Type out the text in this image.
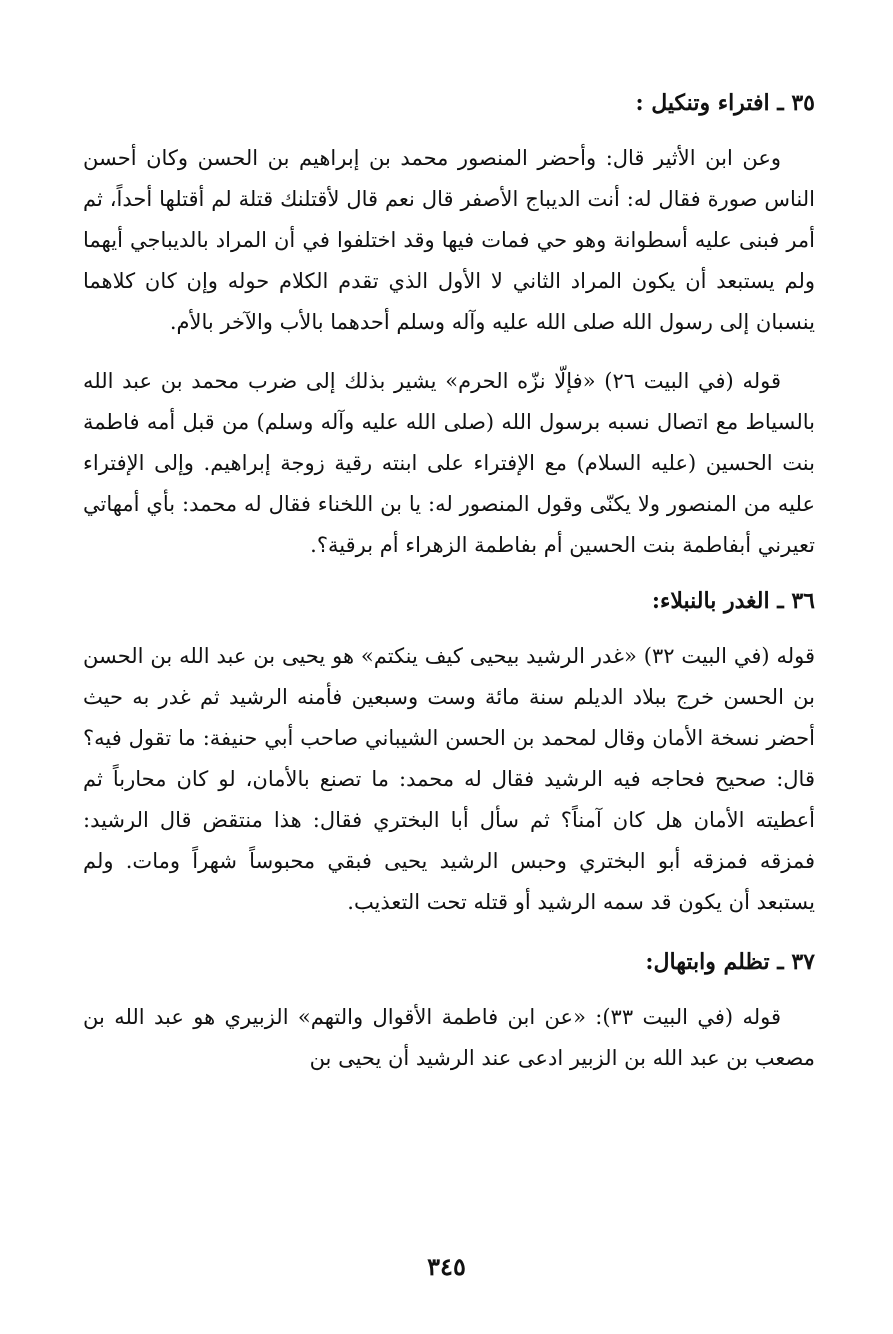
٣٥ ـ افتراء وتنكيل :

وعن ابن الأثير قال: وأحضر المنصور محمد بن إبراهيم بن الحسن وكان أحسن الناس صورة فقال له: أنت الديباج الأصفر قال نعم قال لأقتلنك قتلة لم أقتلها أحداً، ثم أمر فبنى عليه أسطوانة وهو حي فمات فيها وقد اختلفوا في أن المراد بالديباجي أيهما ولم يستبعد أن يكون المراد الثاني لا الأول الذي تقدم الكلام حوله وإن كان كلاهما ينسبان إلى رسول الله صلى الله عليه وآله وسلم أحدهما بالأب والآخر بالأم.

قوله (في البيت ٢٦) «فإلّا نزّه الحرم» يشير بذلك إلى ضرب محمد بن عبد الله بالسياط مع اتصال نسبه برسول الله (صلى الله عليه وآله وسلم) من قبل أمه فاطمة بنت الحسين (عليه السلام) مع الإفتراء على ابنته رقية زوجة إبراهيم. وإلى الإفتراء عليه من المنصور ولا يكنّى وقول المنصور له: يا بن اللخناء فقال له محمد: بأي أمهاتي تعيرني أبفاطمة بنت الحسين أم بفاطمة الزهراء أم برقية؟.

٣٦ ـ الغدر بالنبلاء:

قوله (في البيت ٣٢) «غدر الرشيد بيحيى كيف ينكتم» هو يحيى بن عبد الله بن الحسن بن الحسن خرج ببلاد الديلم سنة مائة وست وسبعين فأمنه الرشيد ثم غدر به حيث أحضر نسخة الأمان وقال لمحمد بن الحسن الشيباني صاحب أبي حنيفة: ما تقول فيه؟ قال: صحيح فحاجه فيه الرشيد فقال له محمد: ما تصنع بالأمان، لو كان محارباً ثم أعطيته الأمان هل كان آمناً؟ ثم سأل أبا البختري فقال: هذا منتقض قال الرشيد: فمزقه فمزقه أبو البختري وحبس الرشيد يحيى فبقي محبوساً شهراً ومات. ولم يستبعد أن يكون قد سمه الرشيد أو قتله تحت التعذيب.

٣٧ ـ تظلم وابتهال:

قوله (في البيت ٣٣): «عن ابن فاطمة الأقوال والتهم» الزبيري هو عبد الله بن مصعب بن عبد الله بن الزبير ادعى عند الرشيد أن يحيى بن

٣٤٥
